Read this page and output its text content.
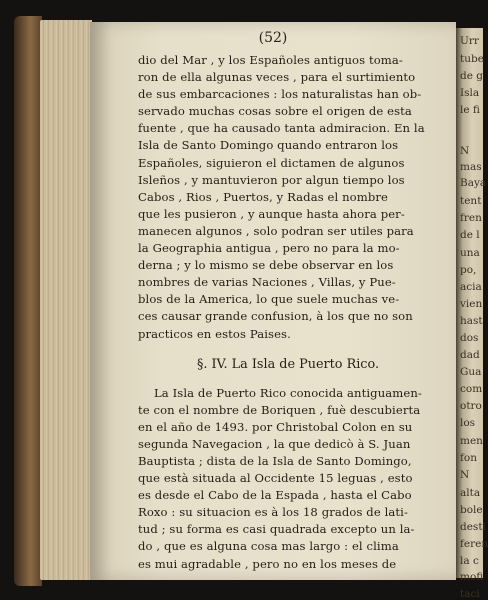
Urr
tube
de g
Isla
le fi
N
mas
Baya
tent
fren
de l
una
po,
acia
vien
hast
dos
dad
Gua
com
otro
los
men
fon
N
alta
bole
desti
feren
la c
mofi
taci
(52)
dio del Mar , y los Españoles antiguos toma-
ron de ella algunas veces , para el surtimiento
de sus embarcaciones : los naturalistas han ob-
servado muchas cosas sobre el origen de esta
fuente , que ha causado tanta admiracion. En la
Isla de Santo Domingo quando entraron los
Españoles, siguieron el dictamen de algunos
Isleños , y mantuvieron por algun tiempo los
Cabos , Rios , Puertos, y Radas el nombre
que les pusieron , y aunque hasta ahora per-
manecen algunos , solo podran ser utiles para
la Geographia antigua , pero no para la mo-
derna ; y lo mismo se debe observar en los
nombres de varias Naciones , Villas, y Pue-
blos de la America, lo que suele muchas ve-
ces causar grande confusion, à los que no son
practicos en estos Paises.
§. IV. La Isla de Puerto Rico.
La Isla de Puerto Rico conocida antiguamen-
te con el nombre de Boriquen , fuè descubierta
en el año de 1493. por Christobal Colon en su
segunda Navegacion , la que dedicò à S. Juan
Bauptista ; dista de la Isla de Santo Domingo,
que està situada al Occidente 15 leguas , esto
es desde el Cabo de la Espada , hasta el Cabo
Roxo : su situacion es à los 18 grados de lati-
tud ; su forma es casi quadrada excepto un la-
do , que es alguna cosa mas largo : el clima
es mui agradable , pero no en los meses de
